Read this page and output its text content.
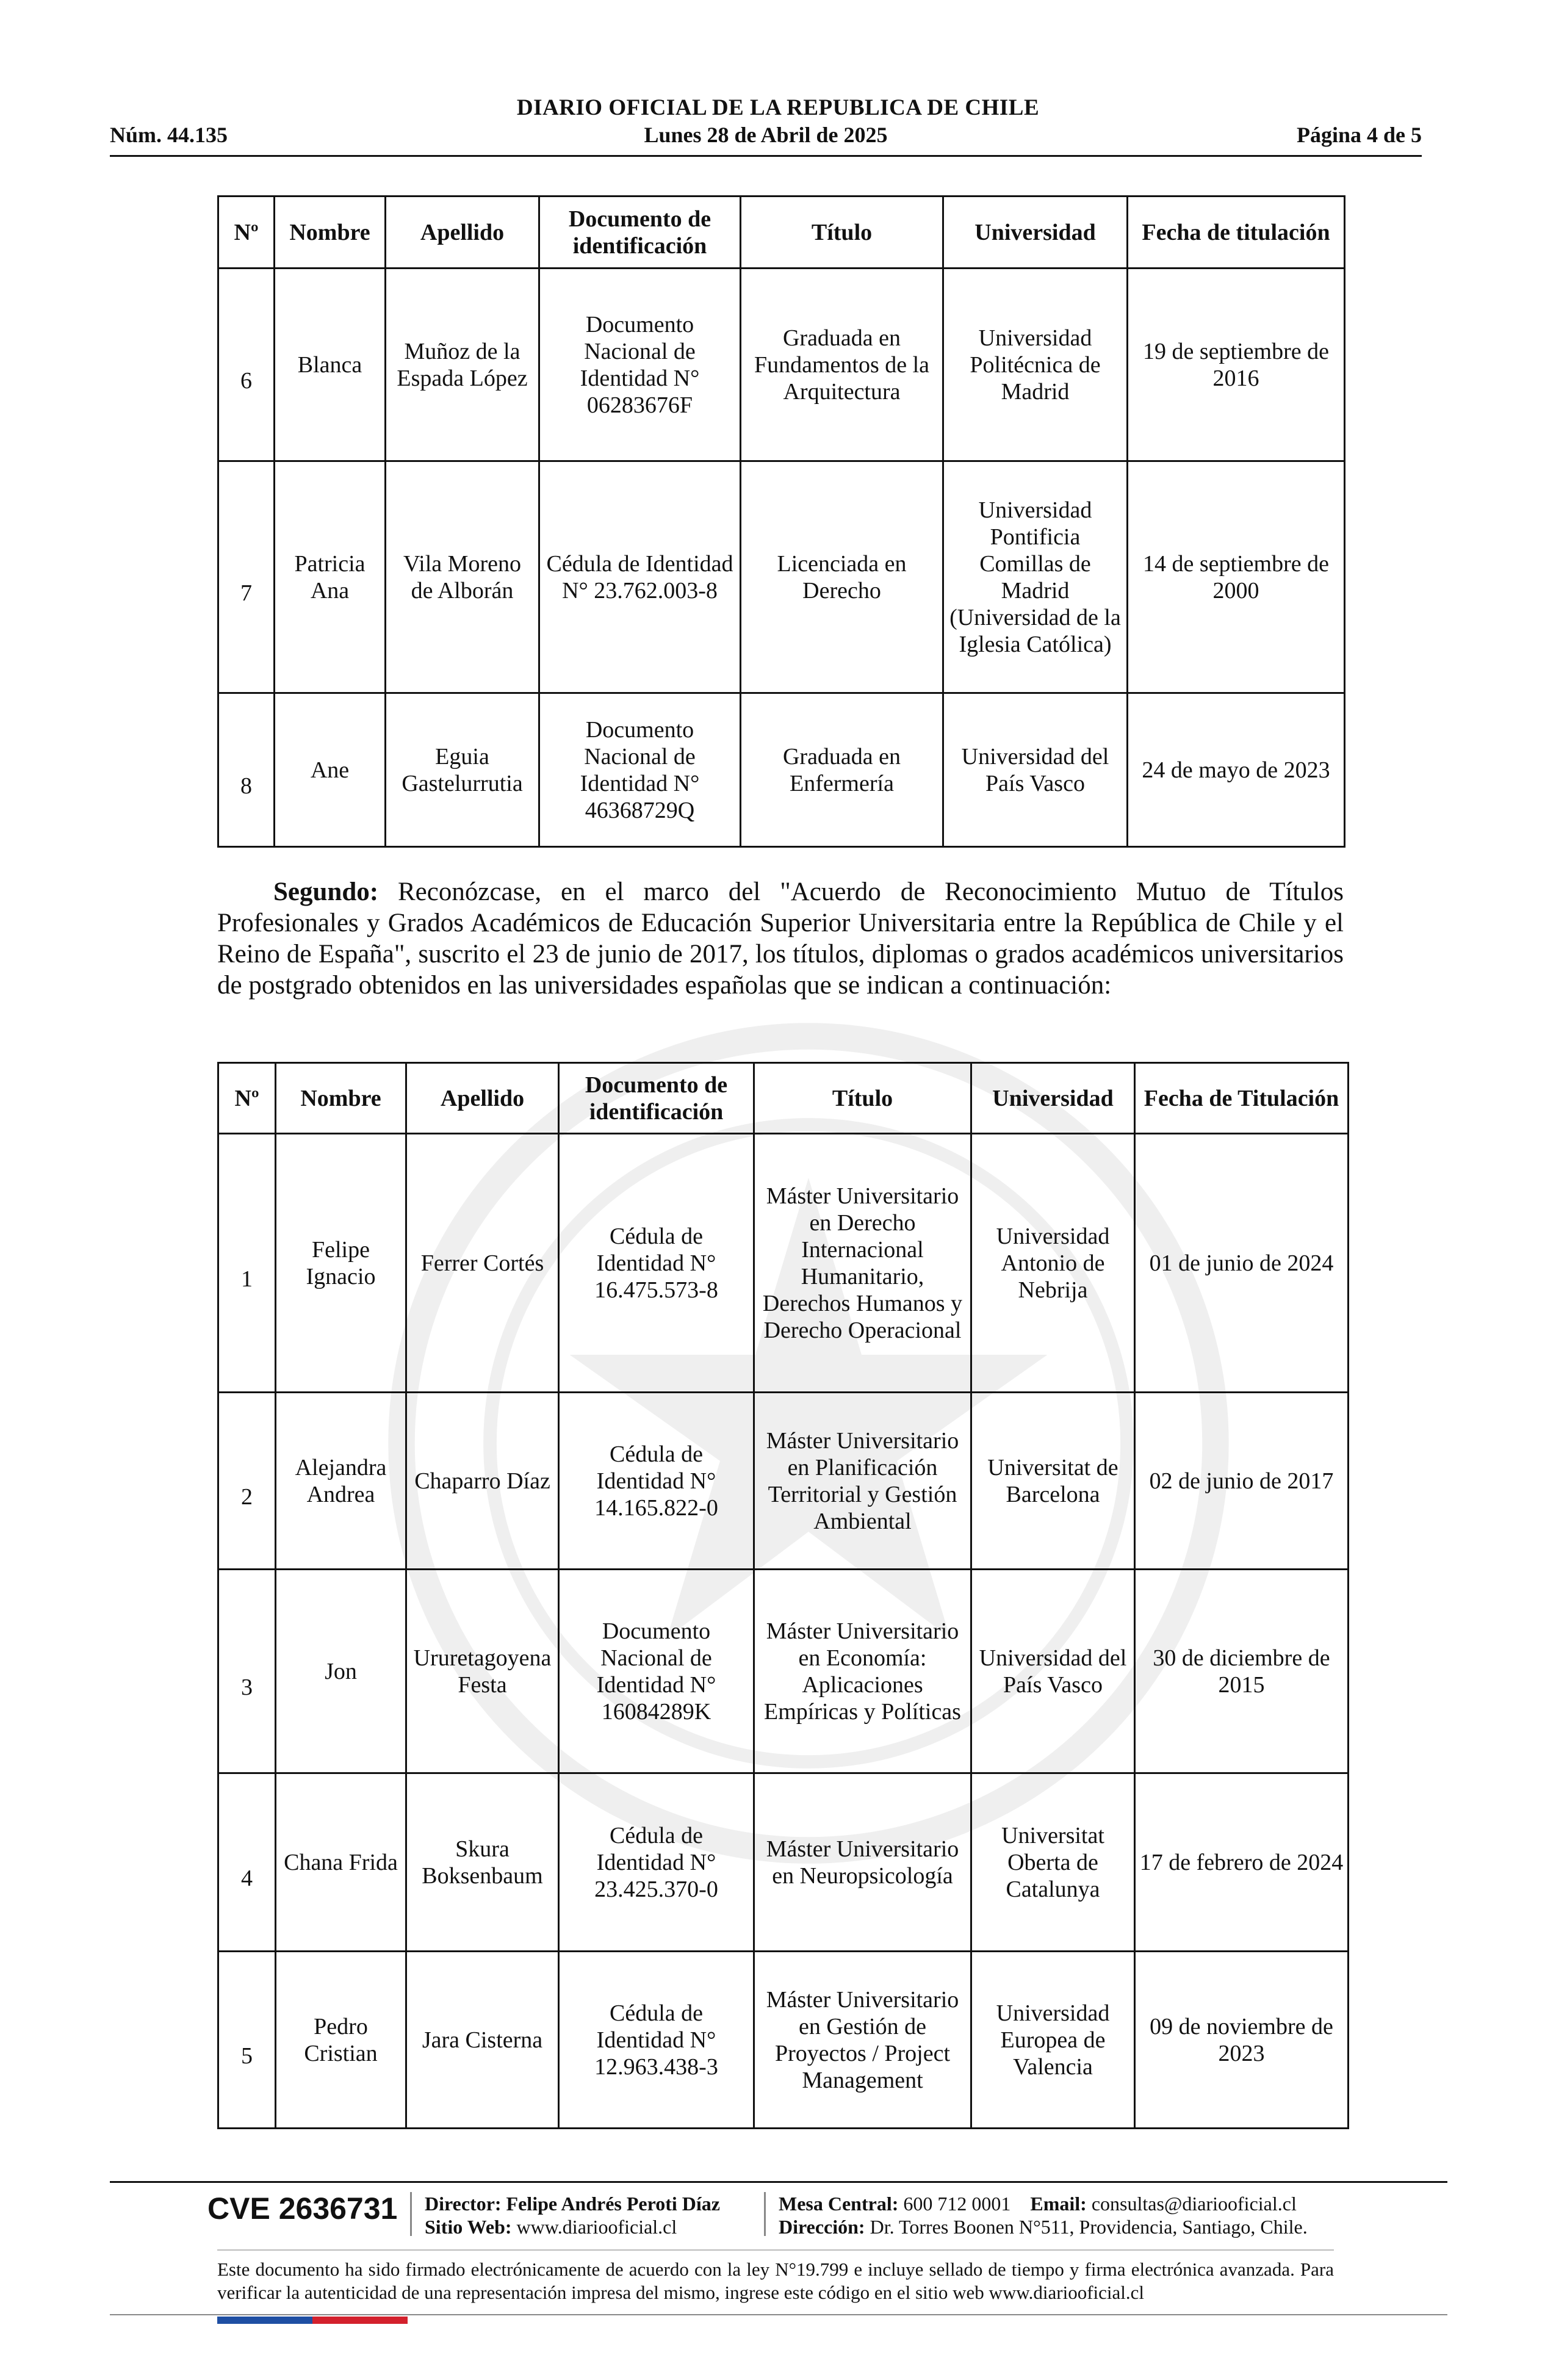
DIARIO OFICIAL DE LA REPUBLICA DE CHILE
Lunes 28 de Abril de 2025
Núm. 44.135	Página 4 de 5
Nº	Nombre	Apellido	Documento de identificación	Título	Universidad	Fecha de titulación
6	Blanca	Muñoz de la Espada López	Documento Nacional de Identidad N° 06283676F	Graduada en Fundamentos de la Arquitectura	Universidad Politécnica de Madrid	19 de septiembre de 2016
7	Patricia Ana	Vila Moreno de Alborán	Cédula de Identidad N° 23.762.003-8	Licenciada en Derecho	Universidad Pontificia Comillas de Madrid (Universidad de la Iglesia Católica)	14 de septiembre de 2000
8	Ane	Eguia Gastelurrutia	Documento Nacional de Identidad N° 46368729Q	Graduada en Enfermería	Universidad del País Vasco	24 de mayo de 2023
Segundo: Reconózcase, en el marco del "Acuerdo de Reconocimiento Mutuo de Títulos Profesionales y Grados Académicos de Educación Superior Universitaria entre la República de Chile y el Reino de España", suscrito el 23 de junio de 2017, los títulos, diplomas o grados académicos universitarios de postgrado obtenidos en las universidades españolas que se indican a continuación:
Nº	Nombre	Apellido	Documento de identificación	Título	Universidad	Fecha de Titulación
1	Felipe Ignacio	Ferrer Cortés	Cédula de Identidad N° 16.475.573-8	Máster Universitario en Derecho Internacional Humanitario, Derechos Humanos y Derecho Operacional	Universidad Antonio de Nebrija	01 de junio de 2024
2	Alejandra Andrea	Chaparro Díaz	Cédula de Identidad N° 14.165.822-0	Máster Universitario en Planificación Territorial y Gestión Ambiental	Universitat de Barcelona	02 de junio de 2017
3	Jon	Ururetagoyena Festa	Documento Nacional de Identidad N° 16084289K	Máster Universitario en Economía: Aplicaciones Empíricas y Políticas	Universidad del País Vasco	30 de diciembre de 2015
4	Chana Frida	Skura Boksenbaum	Cédula de Identidad N° 23.425.370-0	Máster Universitario en Neuropsicología	Universitat Oberta de Catalunya	17 de febrero de 2024
5	Pedro Cristian	Jara Cisterna	Cédula de Identidad N° 12.963.438-3	Máster Universitario en Gestión de Proyectos / Project Management	Universidad Europea de Valencia	09 de noviembre de 2023
CVE 2636731 Director: Felipe Andrés Peroti Díaz
Sitio Web: www.diariooficial.cl
Mesa Central: 600 712 0001 Email: consultas@diariooficial.cl
Dirección: Dr. Torres Boonen N°511, Providencia, Santiago, Chile.
Este documento ha sido firmado electrónicamente de acuerdo con la ley N°19.799 e incluye sellado de tiempo y firma electrónica avanzada. Para verificar la autenticidad de una representación impresa del mismo, ingrese este código en el sitio web www.diariooficial.cl
